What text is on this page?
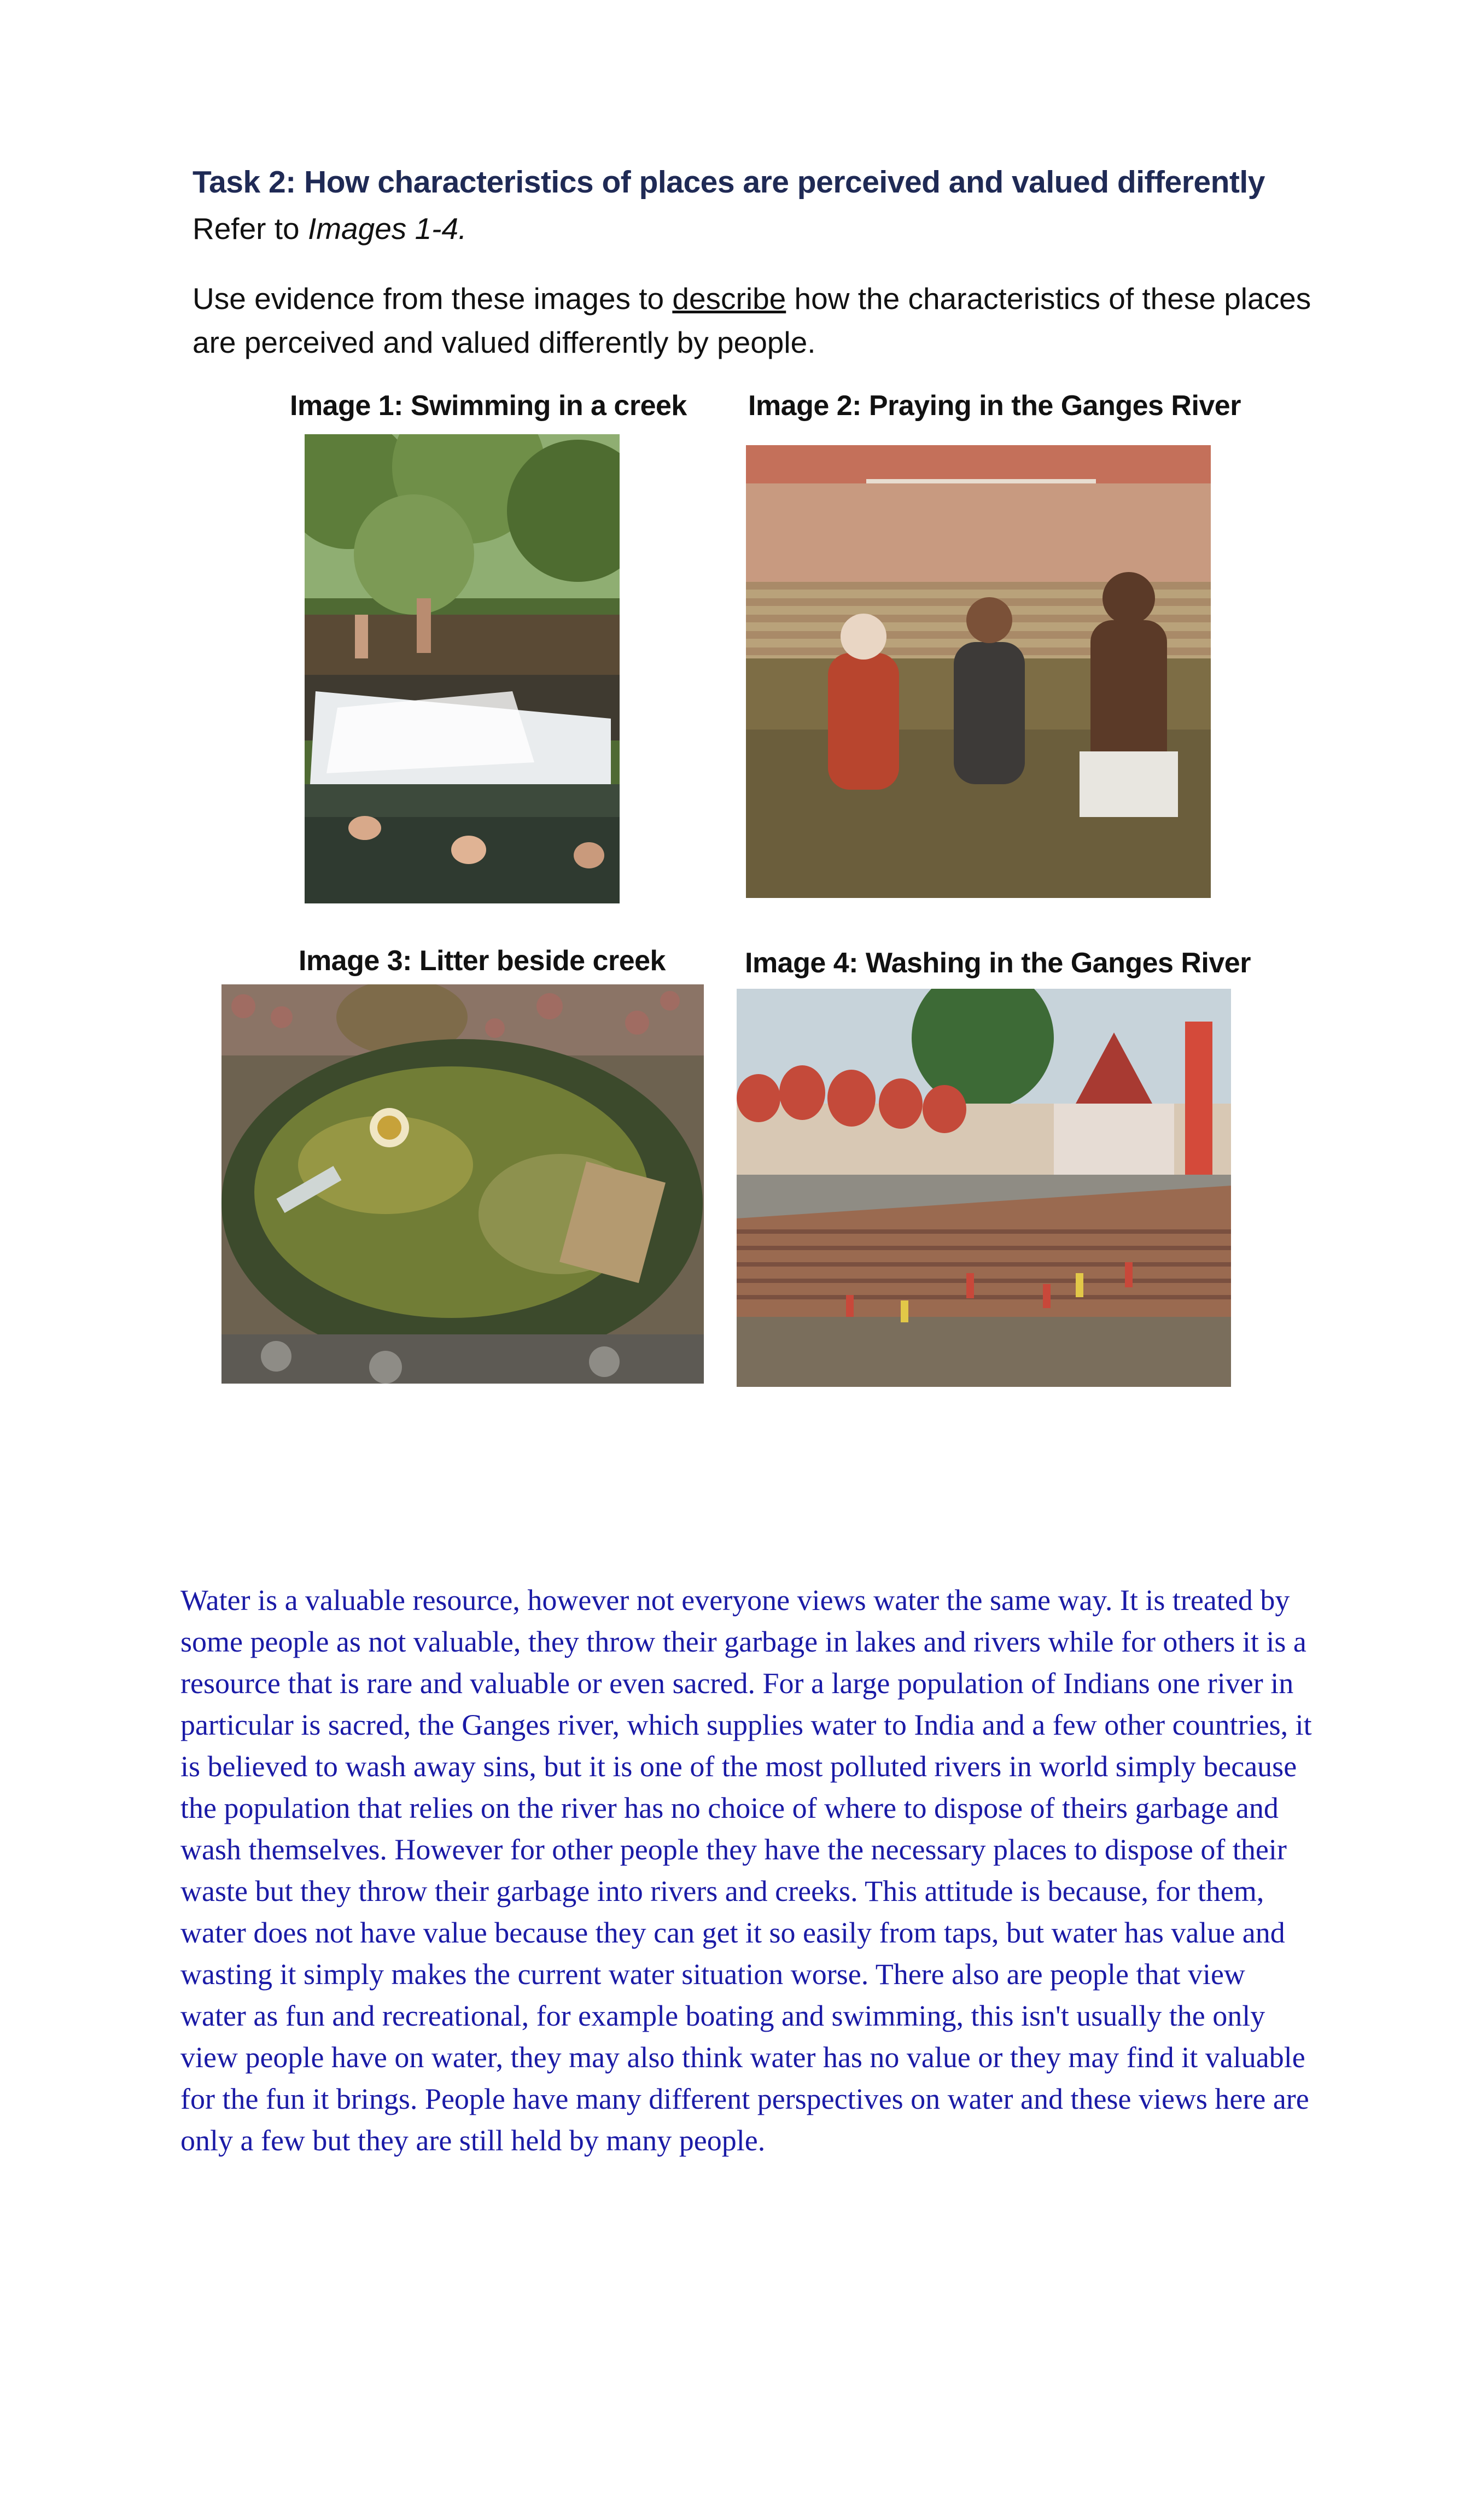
Task 2: How characteristics of places are perceived and valued differently
Refer to Images 1-4.
Use evidence from these images to describe how the characteristics of these places are perceived and valued differently by people.
Image 1: Swimming in a creek Image 2: Praying in the Ganges River
Image 3: Litter beside creek	Image 4: Washing in the Ganges River
Water is a valuable resource, however not everyone views water the same way. It is treated by some people as not valuable, they throw their garbage in lakes and rivers while for others it is a resource that is rare and valuable or even sacred. For a large population of Indians one river in particular is sacred, the Ganges river, which supplies water to India and a few other countries, it is believed to wash away sins, but it is one of the most polluted rivers in world simply because the population that relies on the river has no choice of where to dispose of theirs garbage and wash themselves. However for other people they have the necessary places to dispose of their waste but they throw their garbage into rivers and creeks. This attitude is because, for them, water does not have value because they can get it so easily from taps, but water has value and wasting it simply makes the current water situation worse. There also are people that view water as fun and recreational, for example boating and swimming, this isn't usually the only view people have on water, they may also think water has no value or they may find it valuable for the fun it brings. People have many different perspectives on water and these views here are only a few but they are still held by many people.
